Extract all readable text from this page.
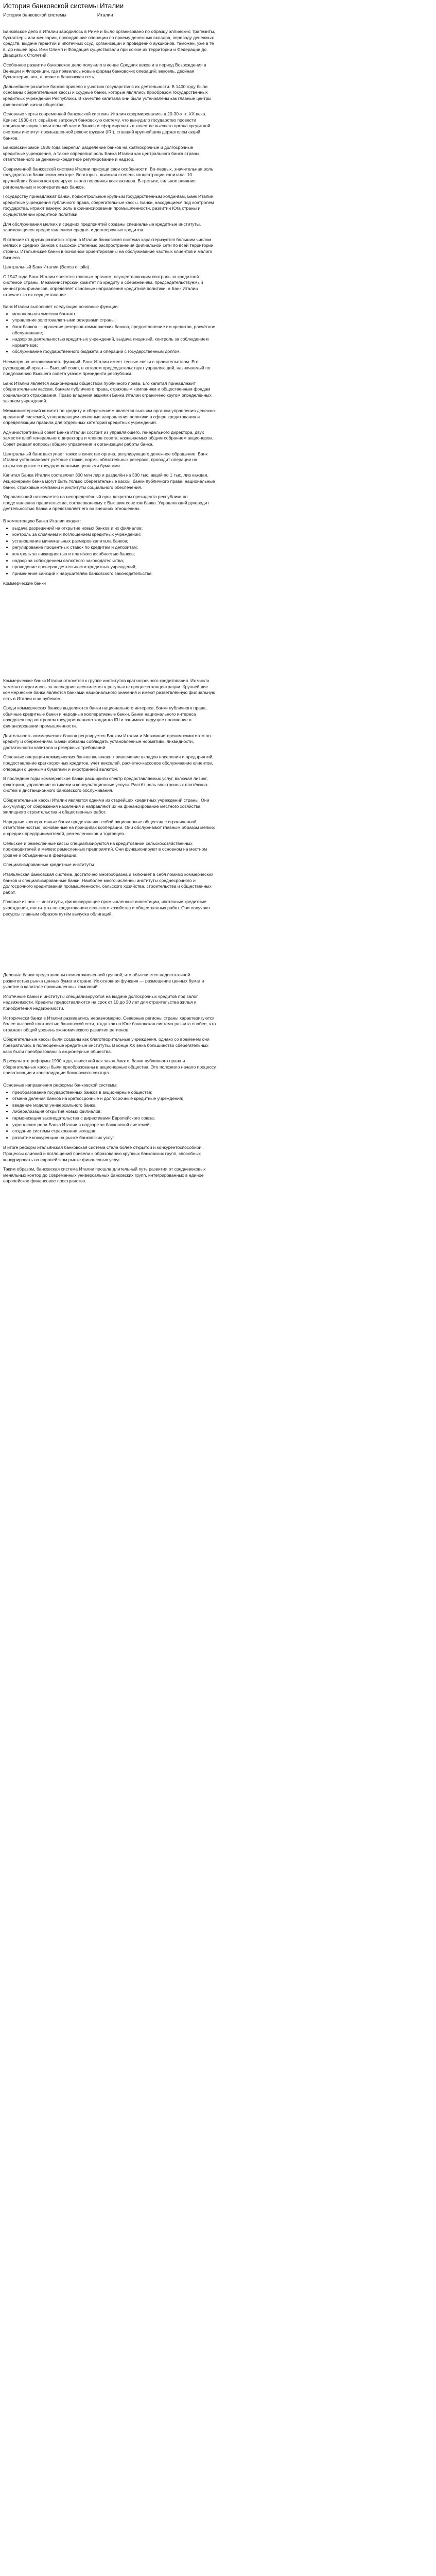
История банковской системы Италии
История банковской системы	Италии

Банковское дело в Италии зародилось в Риме и было организовано по образцу эллинских: трапезиты, бухгалтеры или менсарии, проводившие операции по приему денежных вкладов, переводу денежных средств, выдаче гарантий и ипотечных ссуд, организации и проведению аукционов, таможен, уже в те в. до нашей эры. Ими Олимп и Фондация существовали при союзе их территории и Федерации до Двадцатых Столетий.

Особенное развитие банковское дело получило в конце Средних веков и в период Возрождения в Венеции и Флоренции, где появились новые формы банковских операций: вексель, двойная бухгалтерия, чек, а позже и банковская сеть.

Дальнейшее развитие банков привело к участию государства в их деятельности. В 1400 году были основаны сберегательные кассы и ссудные банки, которые являлись прообразом государственных кредитных учреждений Республики. В качестве капитала они были установлены как главные центры финансовой жизни общества.

Основные черты современной банковской системы Италии сформировались в 20-30-х гг. XX века. Кризис 1930-х гг. серьёзно затронул банковскую систему, что вынудило государство провести национализацию значительной части банков и сформировать в качестве высшего органа кредитной системы институт промышленной реконструкции (IRI), ставший крупнейшим держателем акций банков.

Банковский закон 1936 года закрепил разделение банков на краткосрочные и долгосрочные кредитные учреждения, а также определил роль Банка Италии как центрального банка страны, ответственного за денежно-кредитное регулирование и надзор.

Современной банковской системе Италии присущи свои особенности. Во-первых, значительная роль государства в банковском секторе. Во-вторых, высокая степень концентрации капитала: 10 крупнейших банков контролируют около половины всех активов. В-третьих, сильное влияние региональных и кооперативных банков.

Государству принадлежат банки, подконтрольные крупным государственным холдингам, Банк Италии, кредитные учреждения публичного права, сберегательные кассы. Банки, находящиеся под контролем государства, играют важную роль в финансировании промышленности, развитии Юга страны и осуществлении кредитной политики.

Для обслуживания мелких и средних предприятий созданы специальные кредитные институты, занимающиеся предоставлением средне- и долгосрочных кредитов.

В отличие от других развитых стран в Италии банковская система характеризуется большим числом мелких и средних банков с высокой степенью распространения филиальной сети по всей территории страны. Итальянские банки в основном ориентированы на обслуживание частных клиентов и малого бизнеса.

Центральный Банк Италии (Banca d'Italia)

С 1947 года Банк Италии является главным органом, осуществляющим контроль за кредитной системой страны. Межминистерский комитет по кредиту и сбережениям, председательствуемый министром финансов, определяет основные направления кредитной политики, а Банк Италии отвечает за их осуществление.

Банк Италии выполняет следующие основные функции:
• монопольная эмиссия банкнот;
• управление золотовалютными резервами страны;
• банк банков — хранение резервов коммерческих банков, предоставление им кредитов, расчётное обслуживание;
• надзор за деятельностью кредитных учреждений, выдача лицензий, контроль за соблюдением нормативов;
• обслуживание государственного бюджета и операций с государственным долгом.

Несмотря на независимость функций, Банк Италии имеет тесные связи с правительством. Его руководящий орган — Высший совет, в котором председательствует управляющий, назначаемый по предложению Высшего совета указом президента республики.

Банк Италии является акционерным обществом публичного права. Его капитал принадлежит сберегательным кассам, банкам публичного права, страховым компаниям и общественным фондам социального страхования. Право владения акциями Банка Италии ограничено кругом определённых законом учреждений.

Межминистерский комитет по кредиту и сбережениям является высшим органом управления денежно-кредитной системой, утверждающим основные направления политики в сфере кредитования и определяющим правила для отдельных категорий кредитных учреждений.

Административный совет Банка Италии состоит из управляющего, генерального директора, двух заместителей генерального директора и членов совета, назначаемых общим собранием акционеров. Совет решает вопросы общего управления и организации работы банка.

Центральный банк выступает также в качестве органа, регулирующего денежное обращение. Банк Италии устанавливает учётные ставки, нормы обязательных резервов, проводит операции на открытом рынке с государственными ценными бумагами.

Капитал Банка Италии составляет 300 млн лир и разделён на 300 тыс. акций по 1 тыс. лир каждая. Акционерами банка могут быть только сберегательные кассы, банки публичного права, национальные банки, страховые компании и институты социального обеспечения.

Управляющий назначается на неопределённый срок декретом президента республики по представлению правительства, согласованному с Высшим советом банка. Управляющий руководит деятельностью банка и представляет его во внешних отношениях.

В компетенцию Банка Италии входит:
• выдача разрешений на открытие новых банков и их филиалов;
• контроль за слиянием и поглощением кредитных учреждений;
• установление минимальных размеров капитала банков;
• регулирование процентных ставок по кредитам и депозитам;
• контроль за ликвидностью и платёжеспособностью банков;
• надзор за соблюдением валютного законодательства;
• проведение проверок деятельности кредитных учреждений;
• применение санкций к нарушителям банковского законодательства.

Коммерческие банки

Коммерческие банки Италии относятся к группе институтов краткосрочного кредитования. Их число заметно сократилось за последние десятилетия в результате процесса концентрации. Крупнейшие коммерческие банки являются банками национального значения и имеют разветвлённую филиальную сеть в Италии и за рубежом.

Среди коммерческих банков выделяются банки национального интереса, банки публичного права, обычные кредитные банки и народные кооперативные банки. Банки национального интереса находятся под контролем государственного холдинга IRI и занимают ведущее положение в финансировании промышленности.

Деятельность коммерческих банков регулируется Банком Италии и Межминистерским комитетом по кредиту и сбережениям. Банки обязаны соблюдать установленные нормативы ликвидности, достаточности капитала и резервных требований.

Основные операции коммерческих банков включают привлечение вкладов населения и предприятий, предоставление краткосрочных кредитов, учёт векселей, расчётно-кассовое обслуживание клиентов, операции с ценными бумагами и иностранной валютой.

В последние годы коммерческие банки расширили спектр предоставляемых услуг, включая лизинг, факторинг, управление активами и консультационные услуги. Растёт роль электронных платёжных систем и дистанционного банковского обслуживания.

Сберегательные кассы Италии являются одними из старейших кредитных учреждений страны. Они аккумулируют сбережения населения и направляют их на финансирование местного хозяйства, жилищного строительства и общественных работ.

Народные кооперативные банки представляют собой акционерные общества с ограниченной ответственностью, основанные на принципах кооперации. Они обслуживают главным образом мелких и средних предпринимателей, ремесленников и торговцев.

Сельские и ремесленные кассы специализируются на кредитовании сельскохозяйственных производителей и мелких ремесленных предприятий. Они функционируют в основном на местном уровне и объединены в федерации.

Специализированные кредитные институты

Итальянская банковская система, достаточно многообразна и включает в себя помимо коммерческих банков и специализированные банки. Наиболее многочисленны институты среднесрочного и долгосрочного кредитования промышленности, сельского хозяйства, строительства и общественных работ.

Главные из них — институты, финансирующие промышленные инвестиции, ипотечные кредитные учреждения, институты по кредитованию сельского хозяйства и общественных работ. Они получают ресурсы главным образом путём выпуска облигаций.

Деловые банки представлены немногочисленной группой, что объясняется недостаточной развитостью рынка ценных бумаг в стране. Их основная функция — размещение ценных бумаг и участие в капитале промышленных компаний.

Ипотечные банки и институты специализируются на выдаче долгосрочных кредитов под залог недвижимости. Кредиты предоставляются на срок от 10 до 30 лет для строительства жилья и приобретения недвижимости.

Исторически банки в Италии развивались неравномерно. Северные регионы страны характеризуются более высокой плотностью банковской сети, тогда как на Юге банковская система развита слабее, что отражает общий уровень экономического развития регионов.

Сберегательные кассы были созданы как благотворительные учреждения, однако со временем они превратились в полноценные кредитные институты. В конце XX века большинство сберегательных касс были преобразованы в акционерные общества.

В результате реформы 1990 года, известной как закон Амато, банки публичного права и сберегательные кассы были преобразованы в акционерные общества. Это положило начало процессу приватизации и консолидации банковского сектора.

Основные направления реформы банковской системы:
• преобразование государственных банков в акционерные общества;
• отмена деления банков на краткосрочные и долгосрочные кредитные учреждения;
• введение модели универсального банка;
• либерализация открытия новых филиалов;
• гармонизация законодательства с директивами Европейского союза;
• укрепление роли Банка Италии в надзоре за банковской системой;
• создание системы страхования вкладов;
• развитие конкуренции на рынке банковских услуг.

В итоге реформ итальянская банковская система стала более открытой и конкурентоспособной. Процессы слияний и поглощений привели к образованию крупных банковских групп, способных конкурировать на европейском рынке финансовых услуг.

Таким образом, банковская система Италии прошла длительный путь развития от средневековых меняльных контор до современных универсальных банковских групп, интегрированных в единое европейское финансовое пространство.
